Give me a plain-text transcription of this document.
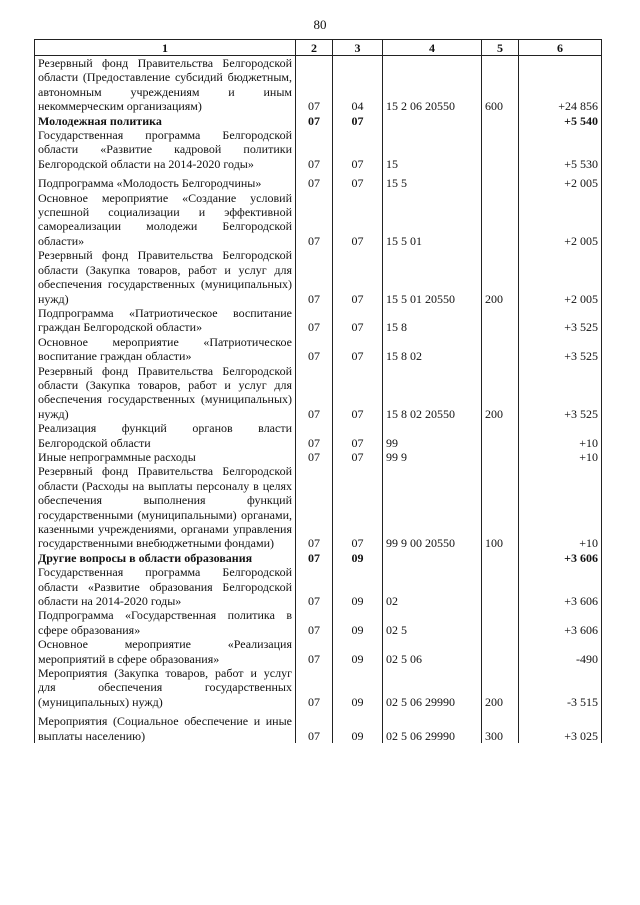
80
1	2	3	4	5	6
Резервный фонд Правительства Белгородской области (Предоставление субсидий бюджетным, автономным учреждениям и иным некоммерческим организациям)	07	04	15 2 06 20550	600	+24 856
Молодежная политика	07	07			+5 540
Государственная программа Белгородской области «Развитие кадровой политики Белгородской области на 2014-2020 годы»	07	07	15		+5 530
Подпрограмма «Молодость Белгородчины»	07	07	15 5		+2 005
Основное мероприятие «Создание условий успешной социализации и эффективной самореализации молодежи Белгородской области»	07	07	15 5 01		+2 005
Резервный фонд Правительства Белгородской области (Закупка товаров, работ и услуг для обеспечения государственных (муниципальных) нужд)	07	07	15 5 01 20550	200	+2 005
Подпрограмма «Патриотическое воспитание граждан Белгородской области»	07	07	15 8		+3 525
Основное мероприятие «Патриотическое воспитание граждан области»	07	07	15 8 02		+3 525
Резервный фонд Правительства Белгородской области (Закупка товаров, работ и услуг для обеспечения государственных (муниципальных) нужд)	07	07	15 8 02 20550	200	+3 525
Реализация функций органов власти Белгородской области	07	07	99		+10
Иные непрограммные расходы	07	07	99 9		+10
Резервный фонд Правительства Белгородской области (Расходы на выплаты персоналу в целях обеспечения выполнения функций государственными (муниципальными) органами, казенными учреждениями, органами управления государственными внебюджетными фондами)	07	07	99 9 00 20550	100	+10
Другие вопросы в области образования	07	09			+3 606
Государственная программа Белгородской области «Развитие образования Белгородской области на 2014-2020 годы»	07	09	02		+3 606
Подпрограмма «Государственная политика в сфере образования»	07	09	02 5		+3 606
Основное мероприятие «Реализация мероприятий в сфере образования»	07	09	02 5 06		-490
Мероприятия (Закупка товаров, работ и услуг для обеспечения государственных (муниципальных) нужд)	07	09	02 5 06 29990	200	-3 515
Мероприятия (Социальное обеспечение и иные выплаты населению)	07	09	02 5 06 29990	300	+3 025
